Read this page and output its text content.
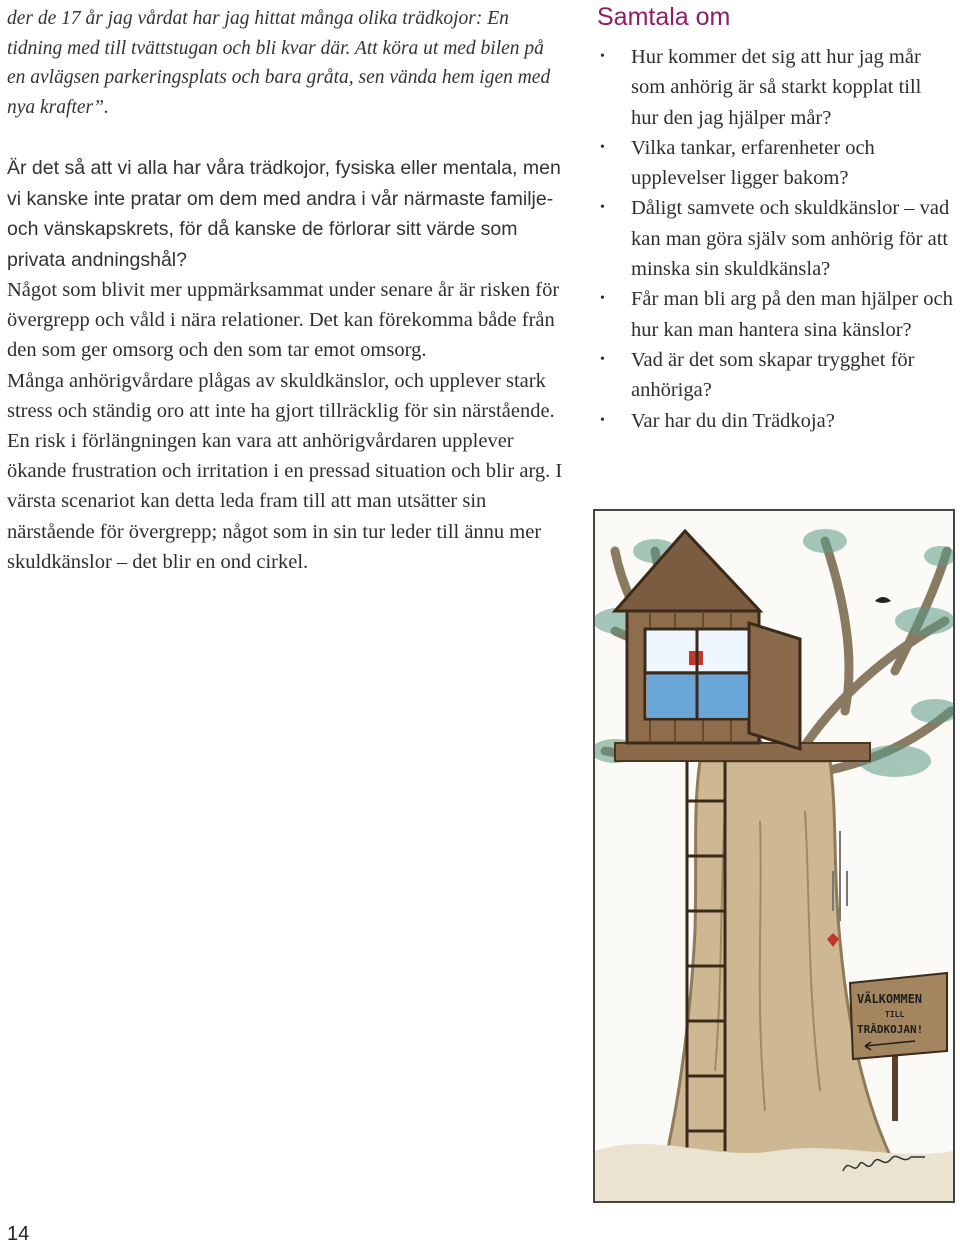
der de 17 år jag vårdat har jag hittat många olika trädkojor: En tidning med till tvättstugan och bli kvar där. Att köra ut med bilen på en avlägsen parkeringsplats och bara gråta, sen vända hem igen med nya krafter”.

Är det så att vi alla har våra trädkojor, fysiska eller mentala, men vi kanske inte pratar om dem med andra i vår närmaste familje- och vänskapskrets, för då kanske de förlorar sitt värde som privata andningshål?

Något som blivit mer uppmärksammat under senare år är risken för övergrepp och våld i nära relationer. Det kan förekomma både från den som ger omsorg och den som tar emot omsorg.

Många anhörigvårdare plågas av skuldkänslor, och upplever stark stress och ständig oro att inte ha gjort tillräcklig för sin närstående. En risk i förlängningen kan vara att anhörigvårdaren upplever ökande frustration och irritation i en pressad situation och blir arg. I värsta scenariot kan detta leda fram till att man utsätter sin närstående för övergrepp; något som in sin tur leder till ännu mer skuldkänslor – det blir en ond cirkel.

Samtala om
• Hur kommer det sig att hur jag mår som anhörig är så starkt kopplat till hur den jag hjälper mår?
• Vilka tankar, erfarenheter och upplevelser ligger bakom?
• Dåligt samvete och skuldkänslor – vad kan man göra själv som anhörig för att minska sin skuldkänsla?
• Får man bli arg på den man hjälper och hur kan man hantera sina känslor?
• Vad är det som skapar trygghet för anhöriga?
• Var har du din Trädkoja?
VÄLKOMMEN
TILL
TRÄDKOJAN!
14
